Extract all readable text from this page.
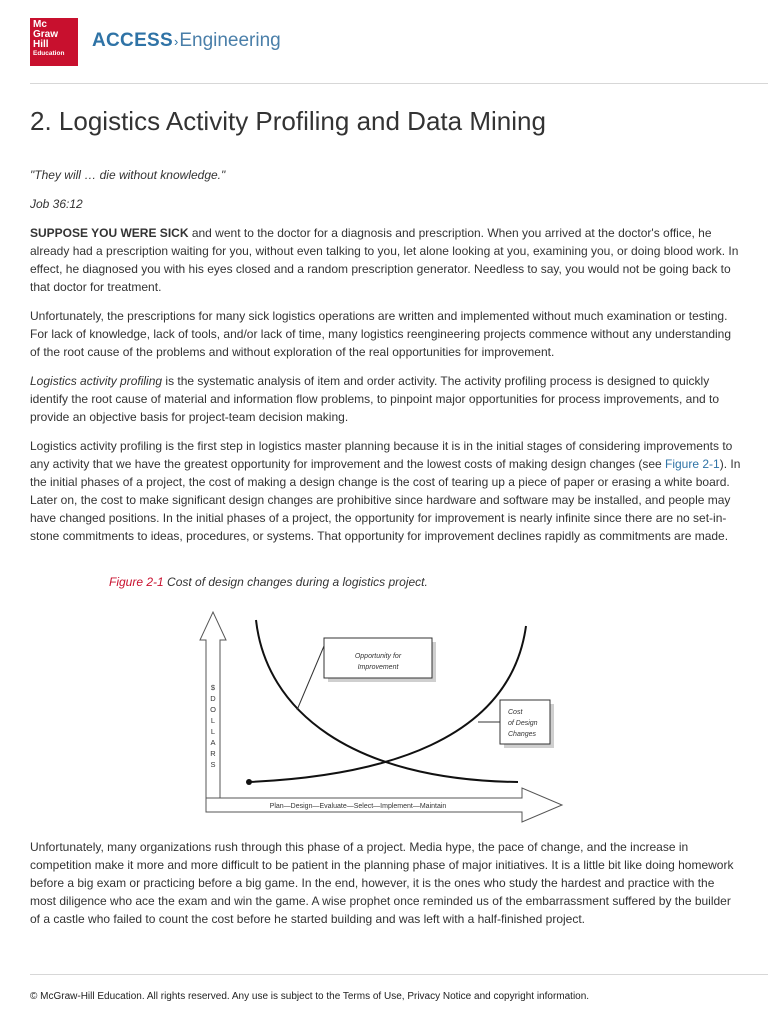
Mc
Graw
Hill
Education
ACCESS›Engineering
2. Logistics Activity Profiling and Data Mining

"They will … die without knowledge."

Job 36:12

SUPPOSE YOU WERE SICK and went to the doctor for a diagnosis and prescription. When you arrived at the doctor's office, he already had a prescription waiting for you, without even talking to you, let alone looking at you, examining you, or doing blood work. In effect, he diagnosed you with his eyes closed and a random prescription generator. Needless to say, you would not be going back to that doctor for treatment.

Unfortunately, the prescriptions for many sick logistics operations are written and implemented without much examination or testing. For lack of knowledge, lack of tools, and/or lack of time, many logistics reengineering projects commence without any understanding of the root cause of the problems and without exploration of the real opportunities for improvement.

Logistics activity profiling is the systematic analysis of item and order activity. The activity profiling process is designed to quickly identify the root cause of material and information flow problems, to pinpoint major opportunities for process improvements, and to provide an objective basis for project-team decision making.

Logistics activity profiling is the first step in logistics master planning because it is in the initial stages of considering improvements to any activity that we have the greatest opportunity for improvement and the lowest costs of making design changes (see Figure 2-1). In the initial phases of a project, the cost of making a design change is the cost of tearing up a piece of paper or erasing a white board. Later on, the cost to make significant design changes are prohibitive since hardware and software may be installed, and people may have changed positions. In the initial phases of a project, the opportunity for improvement is nearly infinite since there are no set-in-stone commitments to ideas, procedures, or systems. That opportunity for improvement declines rapidly as commitments are made.

Figure 2-1 Cost of design changes during a logistics project.
$
D
O
L
L
A
R
S
Plan—Design—Evaluate—Select—Implement—Maintain
Opportunity for
Improvement
Cost
of Design
Changes

Unfortunately, many organizations rush through this phase of a project. Media hype, the pace of change, and the increase in competition make it more and more difficult to be patient in the planning phase of major initiatives. It is a little bit like doing homework before a big exam or practicing before a big game. In the end, however, it is the ones who study the hardest and practice with the most diligence who ace the exam and win the game. A wise prophet once reminded us of the embarrassment suffered by the builder of a castle who failed to count the cost before he started building and was left with a half-finished project.

© McGraw-Hill Education. All rights reserved. Any use is subject to the Terms of Use, Privacy Notice and copyright information.
